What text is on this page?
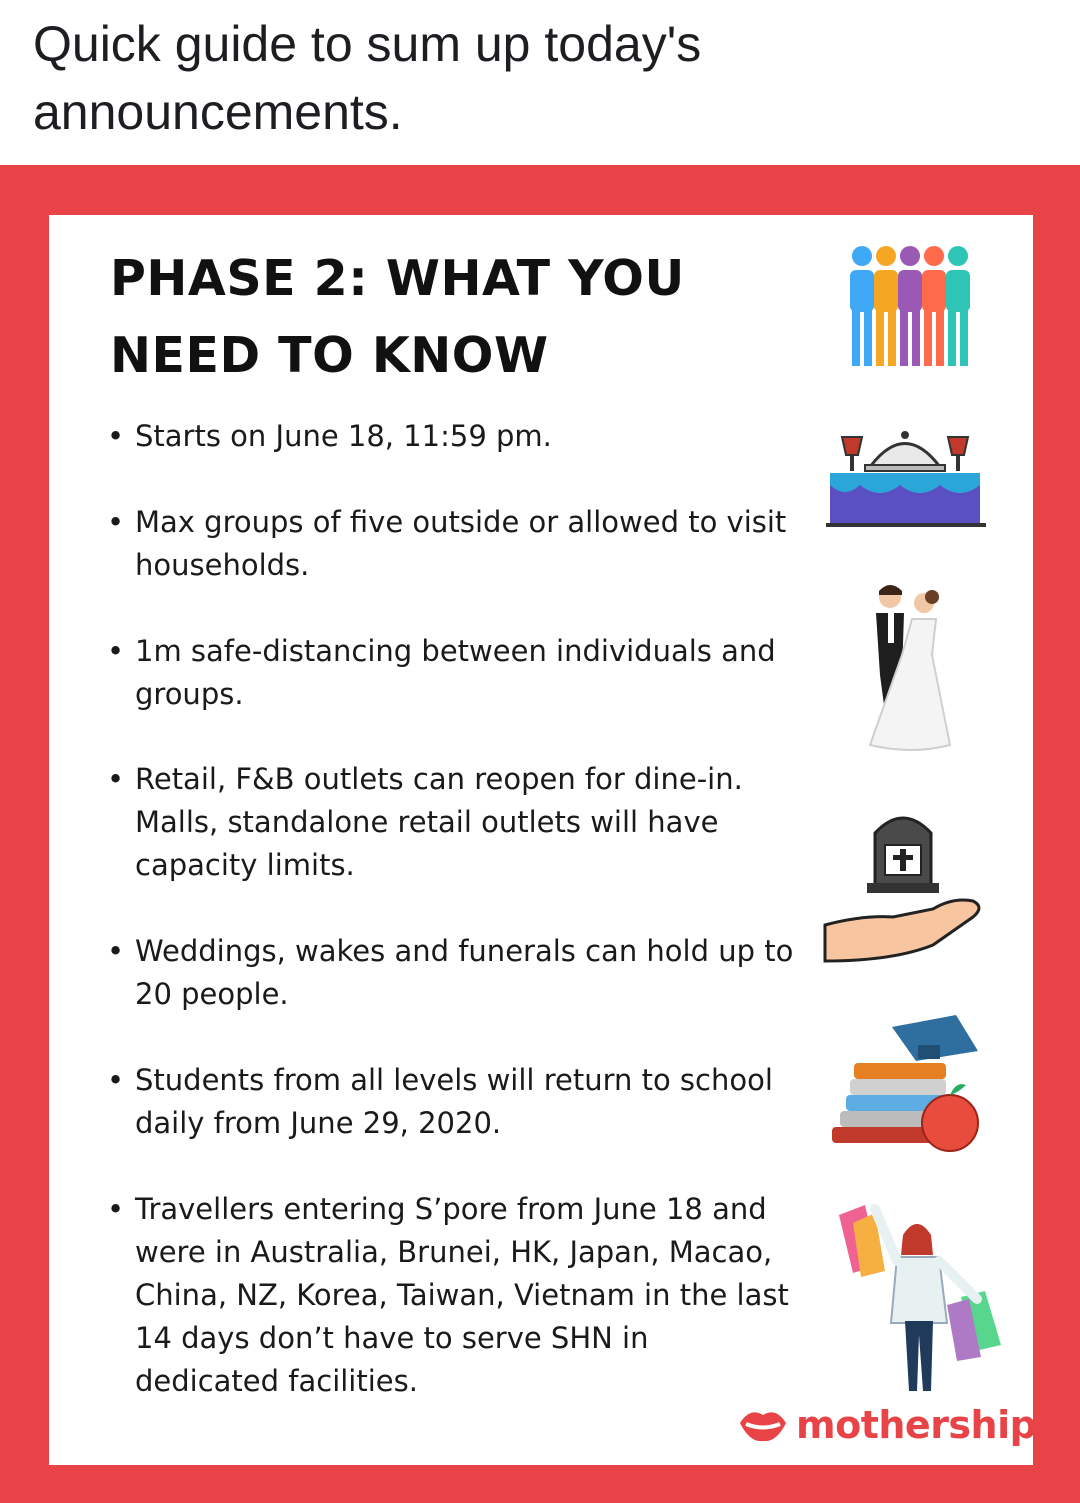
Quick guide to sum up today's announcements.
PHASE 2: WHAT YOU
NEED TO KNOW
• Starts on June 18, 11:59 pm.
• Max groups of five outside or allowed to visit households.
• 1m safe-distancing between individuals and groups.
• Retail, F&B outlets can reopen for dine-in. Malls, standalone retail outlets will have capacity limits.
• Weddings, wakes and funerals can hold up to 20 people.
• Students from all levels will return to school daily from June 29, 2020.
• Travellers entering S’pore from June 18 and were in Australia, Brunei, HK, Japan, Macao, China, NZ, Korea, Taiwan, Vietnam in the last 14 days don’t have to serve SHN in dedicated facilities.
mothership
